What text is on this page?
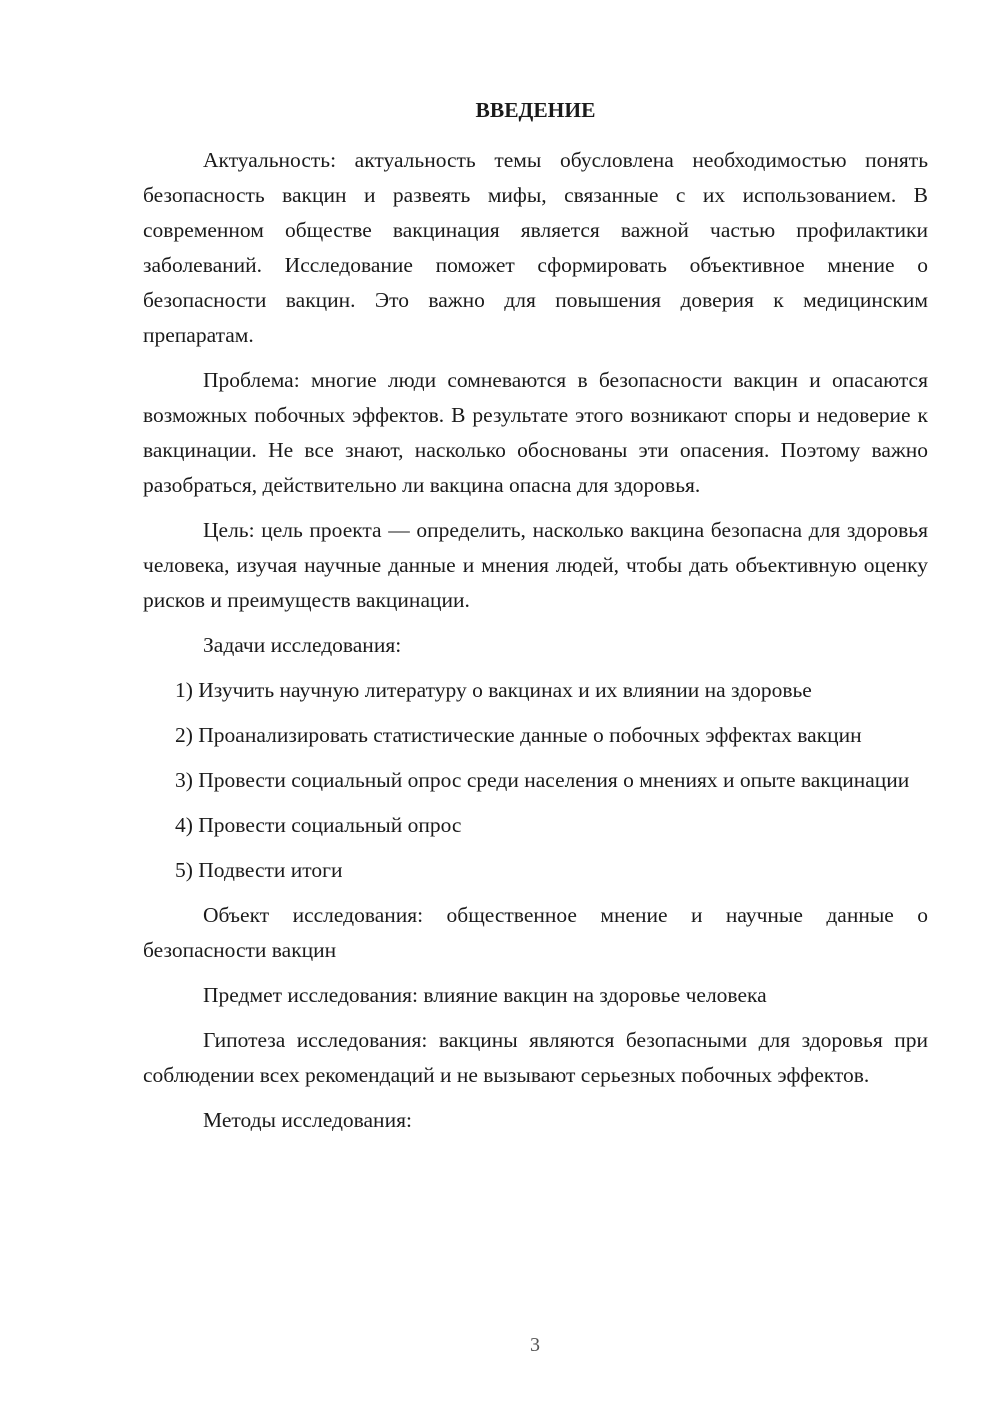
ВВЕДЕНИЕ

Актуальность: актуальность темы обусловлена необходимостью понять безопасность вакцин и развеять мифы, связанные с их использованием. В современном обществе вакцинация является важной частью профилактики заболеваний. Исследование поможет сформировать объективное мнение о безопасности вакцин. Это важно для повышения доверия к медицинским препаратам.

Проблема: многие люди сомневаются в безопасности вакцин и опасаются возможных побочных эффектов. В результате этого возникают споры и недоверие к вакцинации. Не все знают, насколько обоснованы эти опасения. Поэтому важно разобраться, действительно ли вакцина опасна для здоровья.

Цель: цель проекта — определить, насколько вакцина безопасна для здоровья человека, изучая научные данные и мнения людей, чтобы дать объективную оценку рисков и преимуществ вакцинации.

Задачи исследования:

1) Изучить научную литературу о вакцинах и их влиянии на здоровье

2) Проанализировать статистические данные о побочных эффектах вакцин

3) Провести социальный опрос среди населения о мнениях и опыте вакцинации

4) Провести социальный опрос

5) Подвести итоги

Объект исследования: общественное мнение и научные данные о безопасности вакцин

Предмет исследования: влияние вакцин на здоровье человека

Гипотеза исследования: вакцины являются безопасными для здоровья при соблюдении всех рекомендаций и не вызывают серьезных побочных эффектов.

Методы исследования:

3
